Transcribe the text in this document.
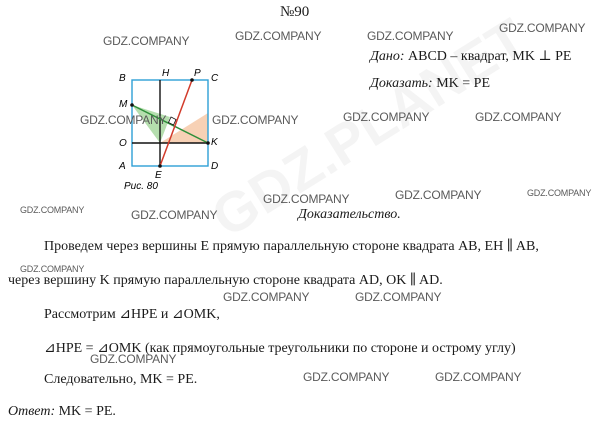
№90
Дано: ABCD – квадрат, MK ⊥ PE
Доказать: MK = PE
B	H P C
M
O	K
A
E
D
Рис. 80
Доказательство.
Проведем через вершины E прямую параллельную стороне квадрата AB, EH ∥ AB,
через вершину K прямую параллельную стороне квадрата AD, OK ∥ AD.
Рассмотрим ⊿HPE и ⊿OMK,
⊿HPE = ⊿OMK (как прямоугольные треугольники по стороне и острому углу)
Следовательно, MK = PE.
Ответ: MK = PE.
GDZ.COMPANY	GDZ.COMPANY	GDZ.COMPANY
GDZ.COMPANY
GDZ.COMPANY	GDZ.COMPANY	GDZ.COMPANY	GDZ.COMPANY
GDZ.COMPANY	GDZ.COMPANY	GDZ.COMPANY
GDZ.COMPANY	GDZ.COMPANY
GDZ.COMPANY
GDZ.COMPANY	GDZ.COMPANY
GDZ.COMPANY
GDZ.COMPANY	GDZ.COMPANY
